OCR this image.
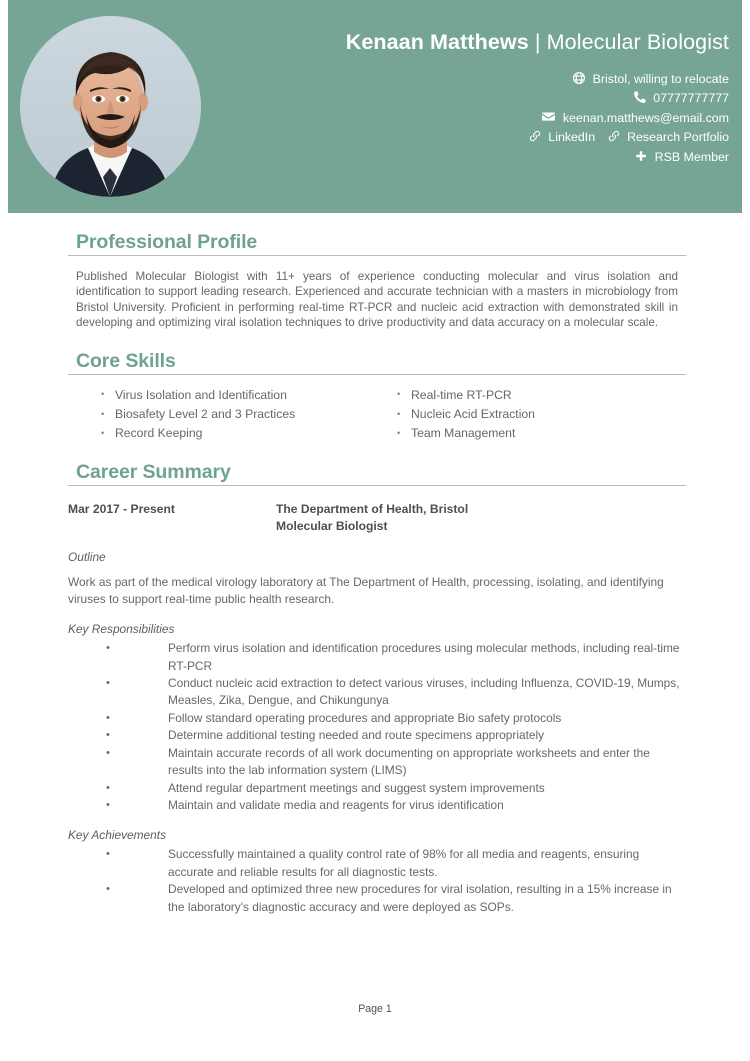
Kenaan Matthews | Molecular Biologist
Bristol, willing to relocate
07777777777
keenan.matthews@email.com
LinkedIn	Research Portfolio
RSB Member
Professional Profile

Published Molecular Biologist with 11+ years of experience conducting molecular and virus isolation and identification to support leading research. Experienced and accurate technician with a masters in microbiology from Bristol University. Proficient in performing real-time RT-PCR and nucleic acid extraction with demonstrated skill in developing and optimizing viral isolation techniques to drive productivity and data accuracy on a molecular scale.

Core Skills
• Virus Isolation and Identification
• Biosafety Level 2 and 3 Practices
• Record Keeping
• Real-time RT-PCR
• Nucleic Acid Extraction
• Team Management
Career Summary
Mar 2017 - Present	The Department of Health, Bristol
Molecular Biologist
Outline
Work as part of the medical virology laboratory at The Department of Health, processing, isolating, and identifying viruses to support real-time public health research.
Key Responsibilities
•	Perform virus isolation and identification procedures using molecular methods, including real-time RT-PCR
•	Conduct nucleic acid extraction to detect various viruses, including Influenza, COVID-19, Mumps, Measles, Zika, Dengue, and Chikungunya
•	Follow standard operating procedures and appropriate Bio safety protocols
•	Determine additional testing needed and route specimens appropriately
•	Maintain accurate records of all work documenting on appropriate worksheets and enter the results into the lab information system (LIMS)
•	Attend regular department meetings and suggest system improvements
•	Maintain and validate media and reagents for virus identification
Key Achievements
•	Successfully maintained a quality control rate of 98% for all media and reagents, ensuring accurate and reliable results for all diagnostic tests.
•	Developed and optimized three new procedures for viral isolation, resulting in a 15% increase in the laboratory's diagnostic accuracy and were deployed as SOPs.
Page 1
